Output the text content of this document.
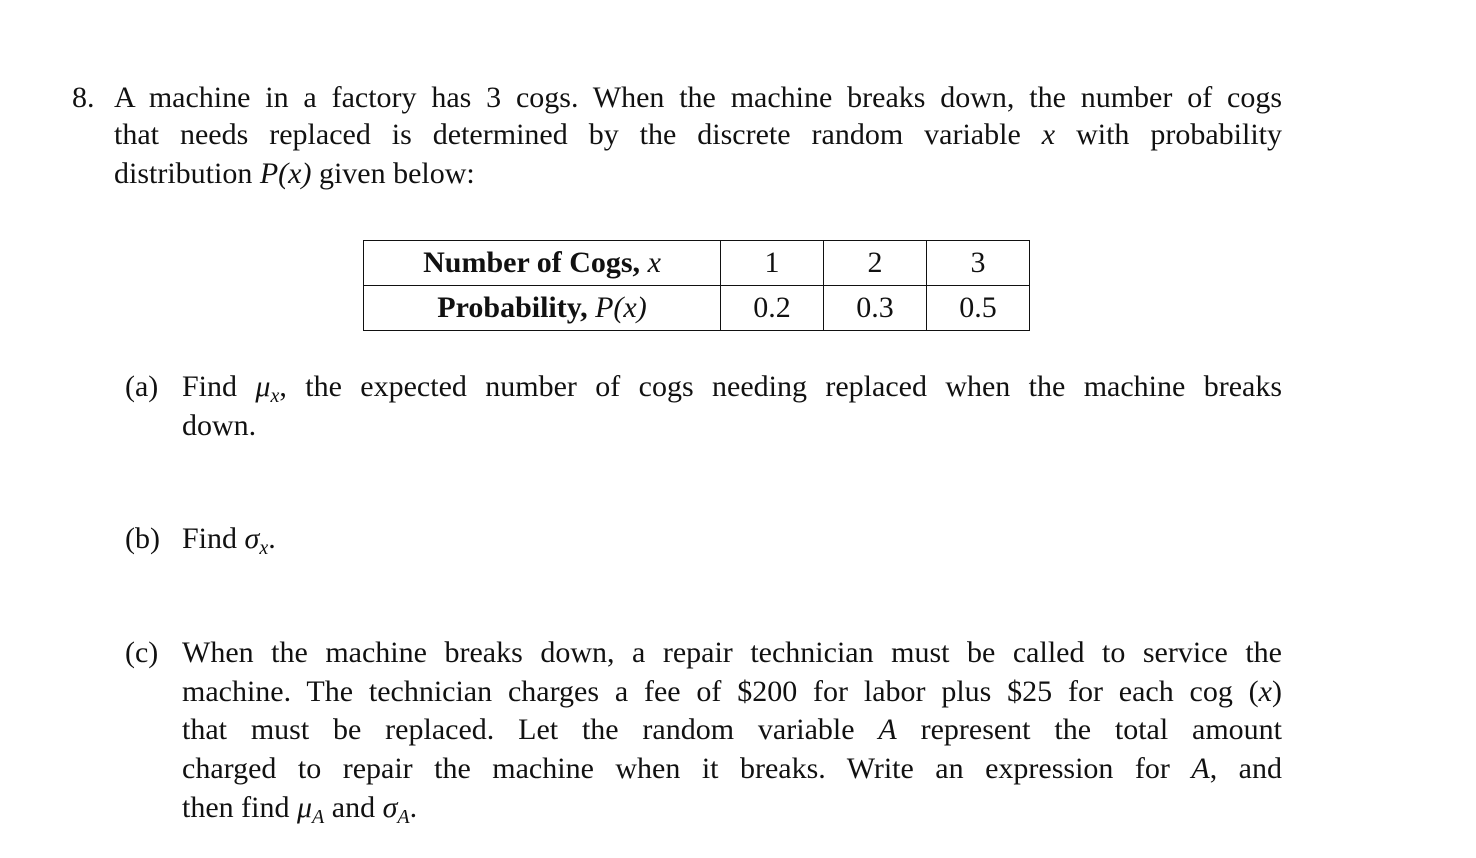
8. A machine in a factory has 3 cogs. When the machine breaks down, the number of cogs
that needs replaced is determined by the discrete random variable x with probability
distribution P(x) given below:
Number of Cogs, x	1	2	3
Probability, P(x)	0.2	0.3	0.5
(a) Find $\mu_x$, the expected number of cogs needing replaced when the machine breaks
down.
(b) Find $\sigma_x$.
(c) When the machine breaks down, a repair technician must be called to service the
machine. The technician charges a fee of $200 for labor plus $25 for each cog (x)
that must be replaced. Let the random variable A represent the total amount
charged to repair the machine when it breaks. Write an expression for A, and
then find $\mu_A$ and $\sigma_A$.
